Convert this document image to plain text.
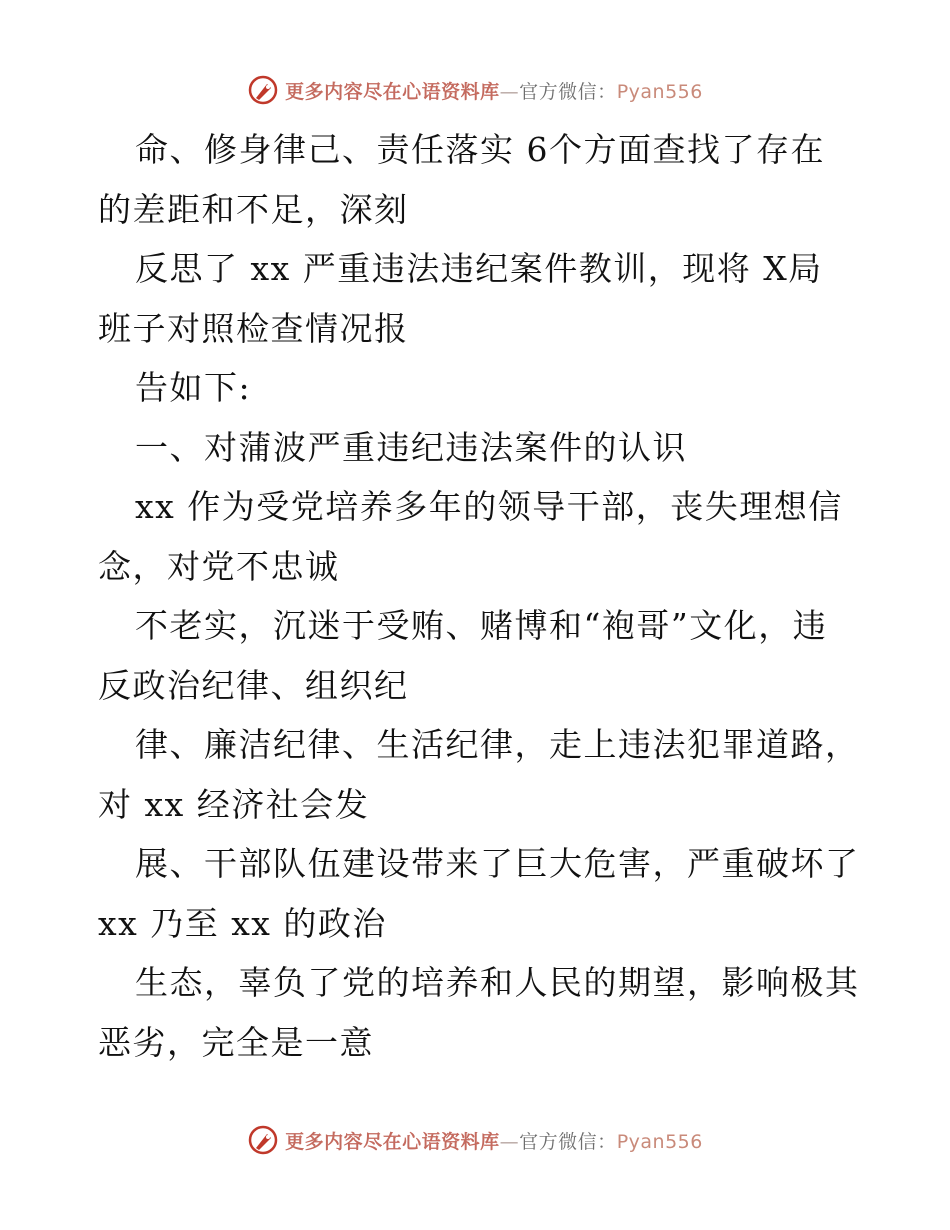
更多内容尽在心语资料库—官方微信：Pyan556
命、修身律己、责任落实 6个方面查找了存在
的差距和不足，深刻
反思了 xx 严重违法违纪案件教训，现将 X局
班子对照检查情况报
告如下:
一、对蒲波严重违纪违法案件的认识
xx 作为受党培养多年的领导干部，丧失理想信
念，对党不忠诚
不老实，沉迷于受贿、赌博和“袍哥”文化，违
反政治纪律、组织纪
律、廉洁纪律、生活纪律，走上违法犯罪道路，
对 xx 经济社会发
展、干部队伍建设带来了巨大危害，严重破坏了
xx 乃至 xx 的政治
生态，辜负了党的培养和人民的期望，影响极其
恶劣，完全是一意
更多内容尽在心语资料库—官方微信：Pyan556
